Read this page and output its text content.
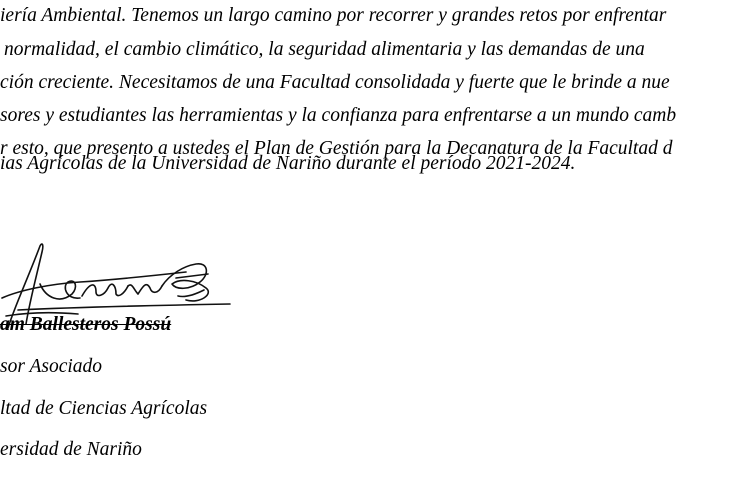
iería Ambiental. Tenemos un largo camino por recorrer y grandes retos por enfrentar
normalidad, el cambio climático, la seguridad alimentaria y las demandas de una
ción creciente. Necesitamos de una Facultad consolidada y fuerte que le brinde a nue
sores y estudiantes las herramientas y la confianza para enfrentarse a un mundo camb
r esto, que presento a ustedes el Plan de Gestión para la Decanatura de la Facultad d
ias Agrícolas de la Universidad de Nariño durante el período 2021-2024.
am Ballesteros Possú
sor Asociado
ltad de Ciencias Agrícolas
ersidad de Nariño
